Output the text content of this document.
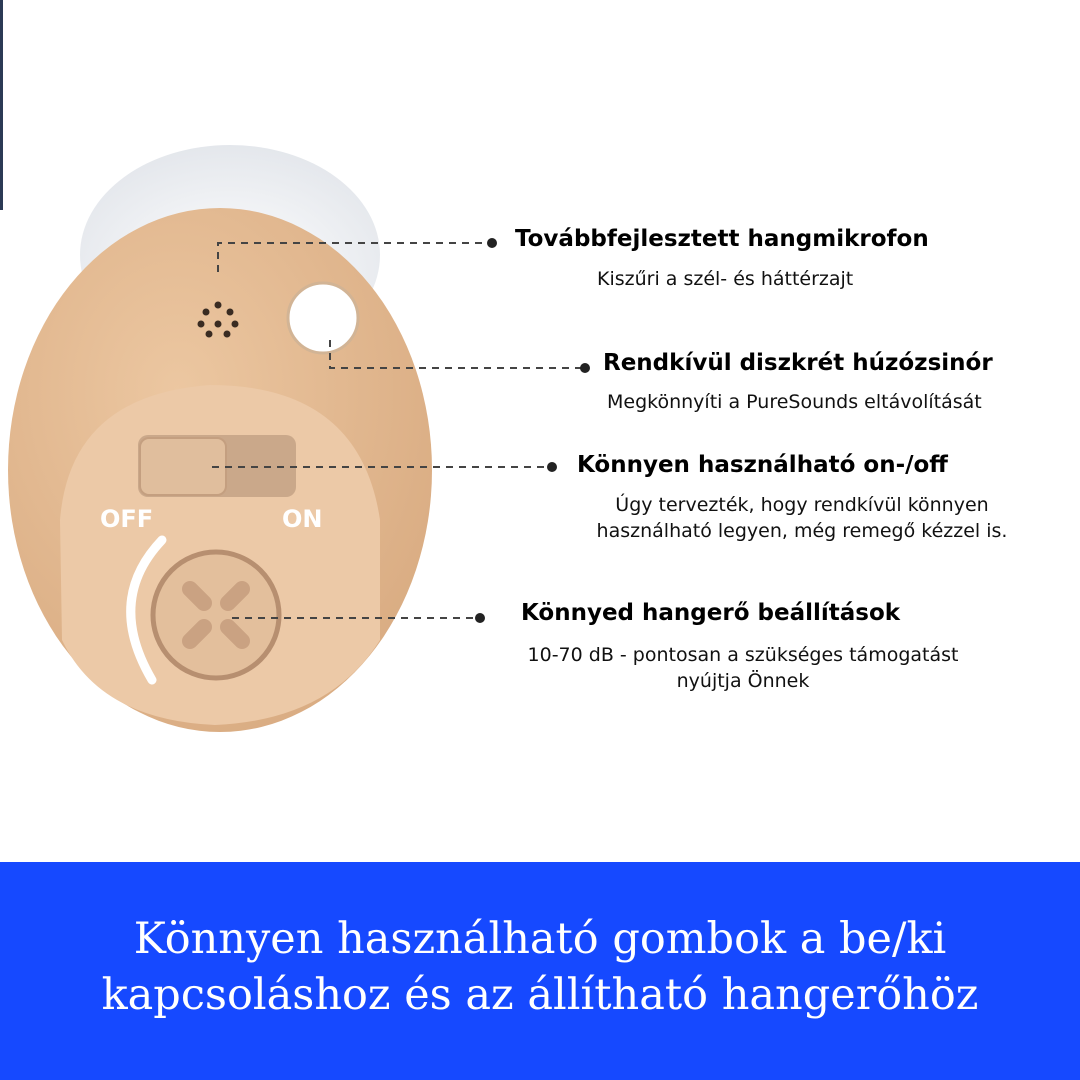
OFF	ON
Továbbfejlesztett hangmikrofon
Kiszűri a szél- és háttérzajt
Rendkívül diszkrét húzózsinór
Megkönnyíti a PureSounds eltávolítását
Könnyen használható on-/off
Úgy tervezték, hogy rendkívül könnyen használható legyen, még remegő kézzel is.
Könnyed hangerő beállítások
10-70 dB - pontosan a szükséges támogatást nyújtja Önnek
Könnyen használható gombok a be/ki kapcsoláshoz és az állítható hangerőhöz
